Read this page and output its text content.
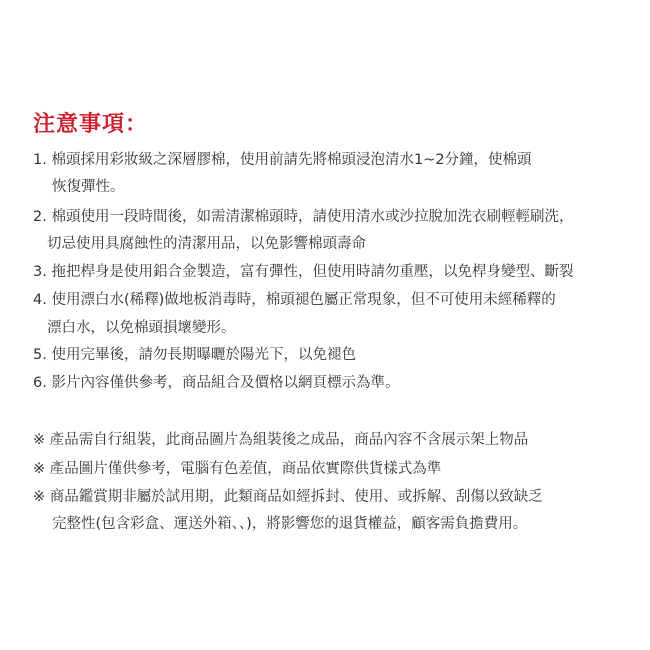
注意事項：
1. 棉頭採用彩妝級之深層膠棉，使用前請先將棉頭浸泡清水1~2分鐘，使棉頭
恢復彈性。
2. 棉頭使用一段時間後，如需清潔棉頭時，請使用清水或沙拉脫加洗衣刷輕輕刷洗，
切忌使用具腐蝕性的清潔用品，以免影響棉頭壽命
3. 拖把桿身是使用鋁合金製造，富有彈性，但使用時請勿重壓，以免桿身變型、斷裂
4. 使用漂白水(稀釋)做地板消毒時，棉頭褪色屬正常現象，但不可使用未經稀釋的
漂白水，以免棉頭損壞變形。
5. 使用完畢後，請勿長期曝曬於陽光下，以免褪色
6. 影片內容僅供參考，商品組合及價格以網頁標示為準。
※ 產品需自行組裝，此商品圖片為組裝後之成品，商品內容不含展示架上物品
※ 產品圖片僅供參考，電腦有色差值，商品依實際供貨樣式為準
※ 商品鑑賞期非屬於試用期，此類商品如經拆封、使用、或拆解、刮傷以致缺乏
完整性(包含彩盒、運送外箱、、)，將影響您的退貨權益，顧客需負擔費用。
